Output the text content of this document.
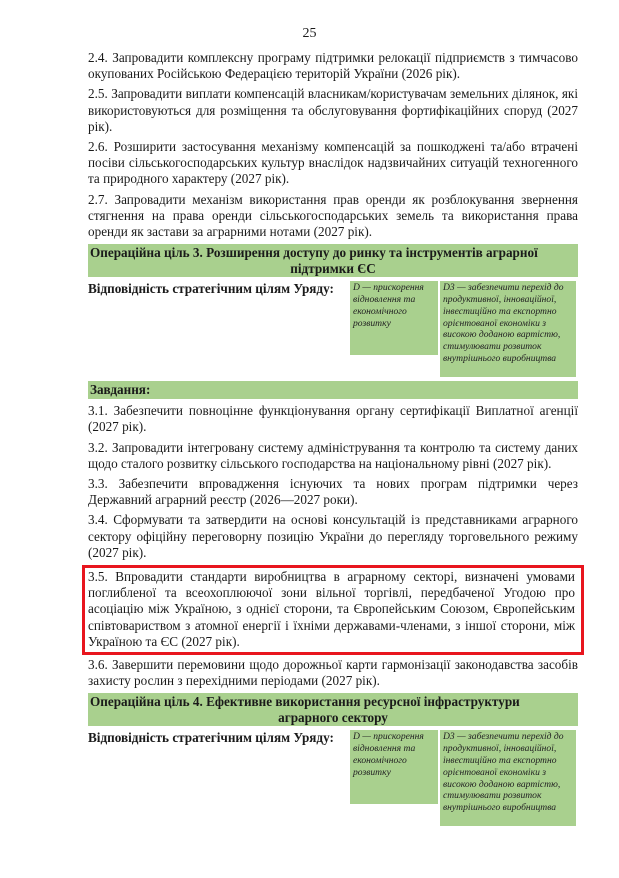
25

2.4. Запровадити комплексну програму підтримки релокації підприємств з тимчасово окупованих Російською Федерацією територій України (2026 рік).

2.5. Запровадити виплати компенсацій власникам/користувачам земельних ділянок, які використовуються для розміщення та обслуговування фортифікаційних споруд (2027 рік).

2.6. Розширити застосування механізму компенсацій за пошкоджені та/або втрачені посіви сільськогосподарських культур внаслідок надзвичайних ситуацій техногенного та природного характеру (2027 рік).

2.7. Запровадити механізм використання прав оренди як розблокування звернення стягнення на права оренди сільськогосподарських земель та використання права оренди як застави за аграрними нотами (2027 рік).

Операційна ціль 3. Розширення доступу до ринку та інструментів аграрної
підтримки ЄС
Відповідність стратегічним цілям Уряду:	D — прискорення відновлення та економічного розвитку
D3 — забезпечити перехід до продуктивної, інноваційної, інвестиційно та експортно орієнтованої економіки з високою доданою вартістю, стимулювати розвиток внутрішнього виробництва
Завдання:

3.1. Забезпечити повноцінне функціонування органу сертифікації Виплатної агенції (2027 рік).

3.2. Запровадити інтегровану систему адміністрування та контролю та систему даних щодо сталого розвитку сільського господарства на національному рівні (2027 рік).

3.3. Забезпечити впровадження існуючих та нових програм підтримки через Державний аграрний реєстр (2026—2027 роки).

3.4. Сформувати та затвердити на основі консультацій із представниками аграрного сектору офіційну переговорну позицію України до перегляду торговельного режиму (2027 рік).

3.5. Впровадити стандарти виробництва в аграрному секторі, визначені умовами поглибленої та всеохоплюючої зони вільної торгівлі, передбаченої Угодою про асоціацію між Україною, з однієї сторони, та Європейським Союзом, Європейським співтовариством з атомної енергії і їхніми державами-членами, з іншої сторони, між Україною та ЄС (2027 рік).

3.6. Завершити перемовини щодо дорожньої карти гармонізації законодавства засобів захисту рослин з перехідними періодами (2027 рік).

Операційна ціль 4. Ефективне використання ресурсної інфраструктури
аграрного сектору
Відповідність стратегічним цілям Уряду:	D — прискорення відновлення та економічного розвитку
D3 — забезпечити перехід до продуктивної, інноваційної, інвестиційно та експортно орієнтованої економіки з високою доданою вартістю, стимулювати розвиток внутрішнього виробництва
